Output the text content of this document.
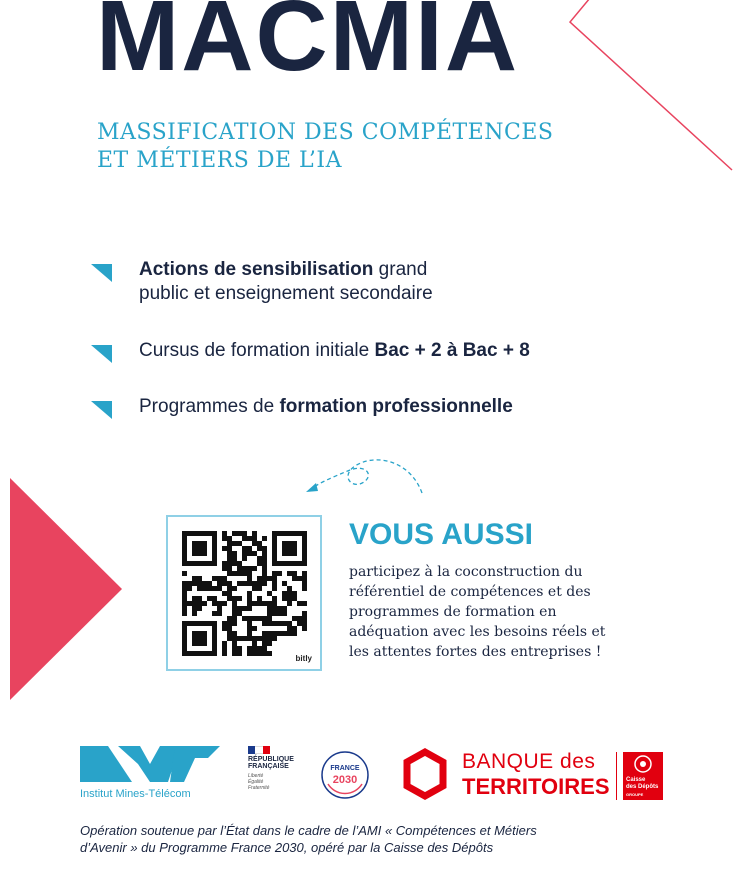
MACMIA
MASSIFICATION DES COMPÉTENCES
ET MÉTIERS DE L’IA
Actions de sensibilisation grand
public et enseignement secondaire
Cursus de formation initiale Bac + 2 à Bac + 8
Programmes de formation professionnelle
bitly
VOUS AUSSI
participez à la coconstruction du
référentiel de compétences et des
programmes de formation en
adéquation avec les besoins réels et
les attentes fortes des entreprises !
Institut Mines-Télécom
RÉPUBLIQUE
FRANÇAISE
Liberté
Égalité
Fraternité
FRANCE
2030
BANQUE des
TERRITOIRES	Caisse
des Dépôts
GROUPE
Opération soutenue par l’État dans le cadre de l’AMI « Compétences et Métiers
d’Avenir » du Programme France 2030, opéré par la Caisse des Dépôts
